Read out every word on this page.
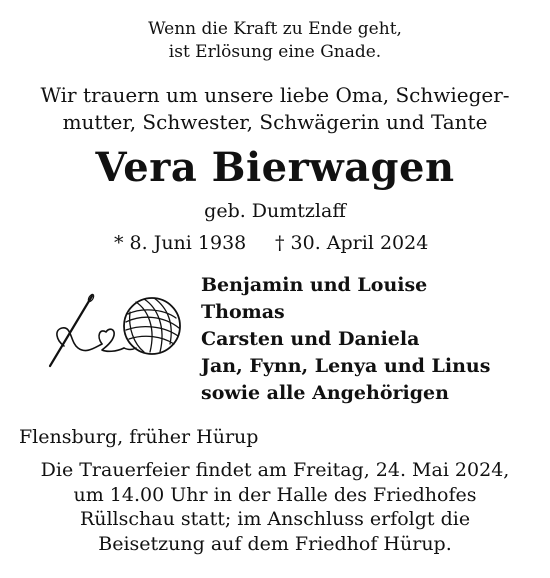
Wenn die Kraft zu Ende geht,
ist Erlösung eine Gnade.
Wir trauern um unsere liebe Oma, Schwieger-
mutter, Schwester, Schwägerin und Tante
Vera Bierwagen
geb. Dumtzlaff
* 8. Juni 1938 † 30. April 2024
Benjamin und Louise
Thomas
Carsten und Daniela
Jan, Fynn, Lenya und Linus
sowie alle Angehörigen
Flensburg, früher Hürup
Die Trauerfeier findet am Freitag, 24. Mai 2024,
um 14.00 Uhr in der Halle des Friedhofes
Rüllschau statt; im Anschluss erfolgt die
Beisetzung auf dem Friedhof Hürup.
